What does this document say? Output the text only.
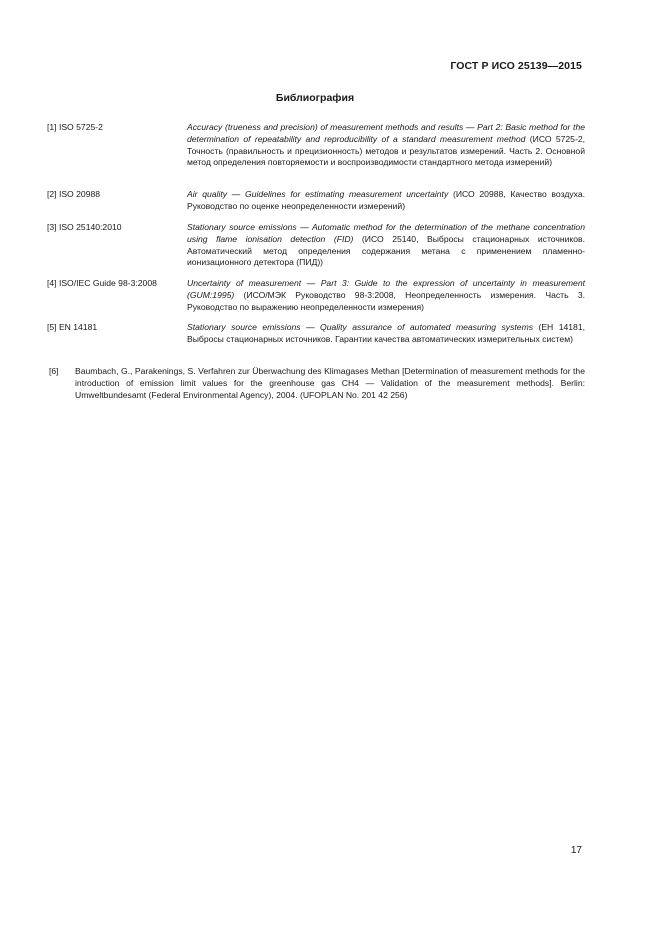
ГОСТ Р ИСО 25139—2015
Библиография
[1] ISO 5725-2	Accuracy (trueness and precision) of measurement methods and results — Part 2: Basic method for the determination of repeatability and reproducibility of a standard measurement method (ИСО 5725-2, Точность (правильность и прецизионность) методов и результатов измерений. Часть 2. Основной метод определения повторяемости и воспроизводимости стандартного метода измерений)
[2] ISO 20988	Air quality — Guidelines for estimating measurement uncertainty (ИСО 20988, Качество воздуха. Руководство по оценке неопределенности измерений)
[3] ISO 25140:2010	Stationary source emissions — Automatic method for the determination of the methane concentration using flame ionisation detection (FID) (ИСО 25140, Выбросы стационарных источников. Автоматический метод определения содержания метана с применением пламенно-ионизационного детектора (ПИД))
[4] ISO/IEC Guide 98-3:2008	Uncertainty of measurement — Part 3: Guide to the expression of uncertainty in measurement (GUM:1995) (ИСО/МЭК Руководство 98-3:2008, Неопределенность измерения. Часть 3. Руководство по выражению неопределенности измерения)
[5] EN 14181	Stationary source emissions — Quality assurance of automated measuring systems (ЕН 14181, Выбросы стационарных источников. Гарантии качества автоматических измерительных систем)
[6]	Baumbach, G., Parakenings, S. Verfahren zur Überwachung des Klimagases Methan [Determination of measurement methods for the introduction of emission limit values for the greenhouse gas CH4 — Validation of the measurement methods]. Berlin: Umweltbundesamt (Federal Environmental Agency), 2004. (UFOPLAN No. 201 42 256)
17
